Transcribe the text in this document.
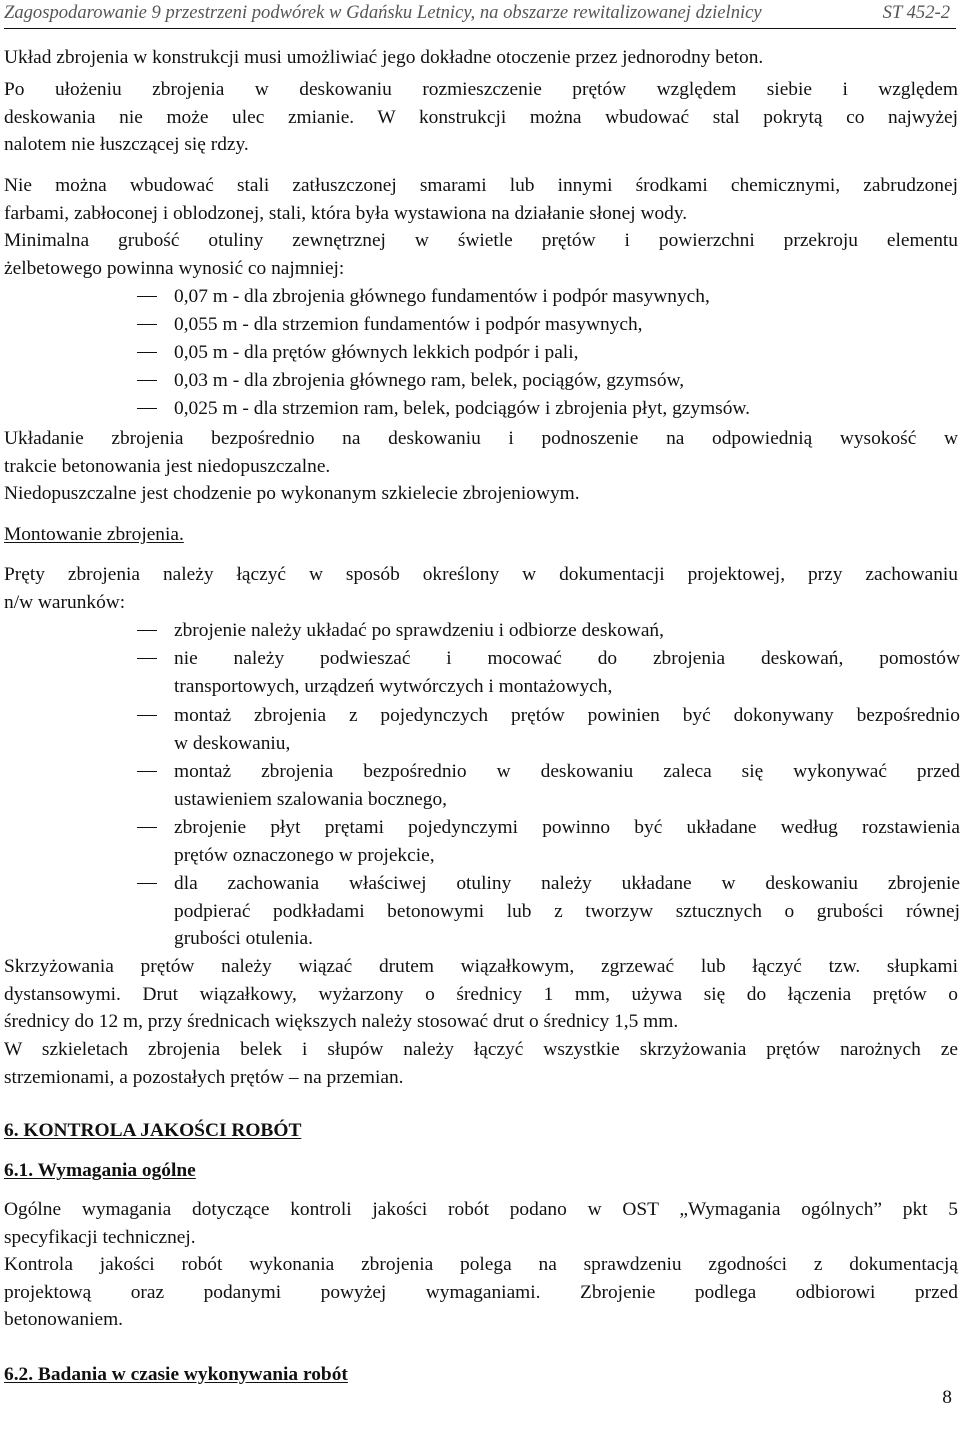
Zagospodarowanie 9 przestrzeni podwórek w Gdańsku Letnicy, na obszarze rewitalizowanej dzielnicy	ST 452-2

Układ zbrojenia w konstrukcji musi umożliwiać jego dokładne otoczenie przez jednorodny beton.

Po ułożeniu zbrojenia w deskowaniu rozmieszczenie prętów względem siebie i względem
deskowania nie może ulec zmianie. W konstrukcji można wbudować stal pokrytą co najwyżej
nalotem nie łuszczącej się rdzy.

Nie można wbudować stali zatłuszczonej smarami lub innymi środkami chemicznymi, zabrudzonej
farbami, zabłoconej i oblodzonej, stali, która była wystawiona na działanie słonej wody.

Minimalna grubość otuliny zewnętrznej w świetle prętów i powierzchni przekroju elementu
żelbetowego powinna wynosić co najmniej:

0,07 m - dla zbrojenia głównego fundamentów i podpór masywnych,
0,055 m - dla strzemion fundamentów i podpór masywnych,
0,05 m - dla prętów głównych lekkich podpór i pali,
0,03 m - dla zbrojenia głównego ram, belek, pociągów, gzymsów,
0,025 m - dla strzemion ram, belek, podciągów i zbrojenia płyt, gzymsów.

Układanie zbrojenia bezpośrednio na deskowaniu i podnoszenie na odpowiednią wysokość w
trakcie betonowania jest niedopuszczalne.

Niedopuszczalne jest chodzenie po wykonanym szkielecie zbrojeniowym.

Montowanie zbrojenia.

Pręty zbrojenia należy łączyć w sposób określony w dokumentacji projektowej, przy zachowaniu
n/w warunków:

zbrojenie należy układać po sprawdzeniu i odbiorze deskowań,
nie należy podwieszać i mocować do zbrojenia deskowań, pomostów
transportowych, urządzeń wytwórczych i montażowych,
montaż zbrojenia z pojedynczych prętów powinien być dokonywany bezpośrednio
w deskowaniu,
montaż zbrojenia bezpośrednio w deskowaniu zaleca się wykonywać przed
ustawieniem szalowania bocznego,
zbrojenie płyt prętami pojedynczymi powinno być układane według rozstawienia
prętów oznaczonego w projekcie,
dla zachowania właściwej otuliny należy układane w deskowaniu zbrojenie
podpierać podkładami betonowymi lub z tworzyw sztucznych o grubości równej
grubości otulenia.

Skrzyżowania prętów należy wiązać drutem wiązałkowym, zgrzewać lub łączyć tzw. słupkami
dystansowymi. Drut wiązałkowy, wyżarzony o średnicy 1 mm, używa się do łączenia prętów o
średnicy do 12 m, przy średnicach większych należy stosować drut o średnicy 1,5 mm.

W szkieletach zbrojenia belek i słupów należy łączyć wszystkie skrzyżowania prętów narożnych ze
strzemionami, a pozostałych prętów – na przemian.

6. KONTROLA JAKOŚCI ROBÓT
6.1. Wymagania ogólne

Ogólne wymagania dotyczące kontroli jakości robót podano w OST „Wymagania ogólnych” pkt 5
specyfikacji technicznej.

Kontrola jakości robót wykonania zbrojenia polega na sprawdzeniu zgodności z dokumentacją
projektową oraz podanymi powyżej wymaganiami. Zbrojenie podlega odbiorowi przed
betonowaniem.

6.2. Badania w czasie wykonywania robót
8
